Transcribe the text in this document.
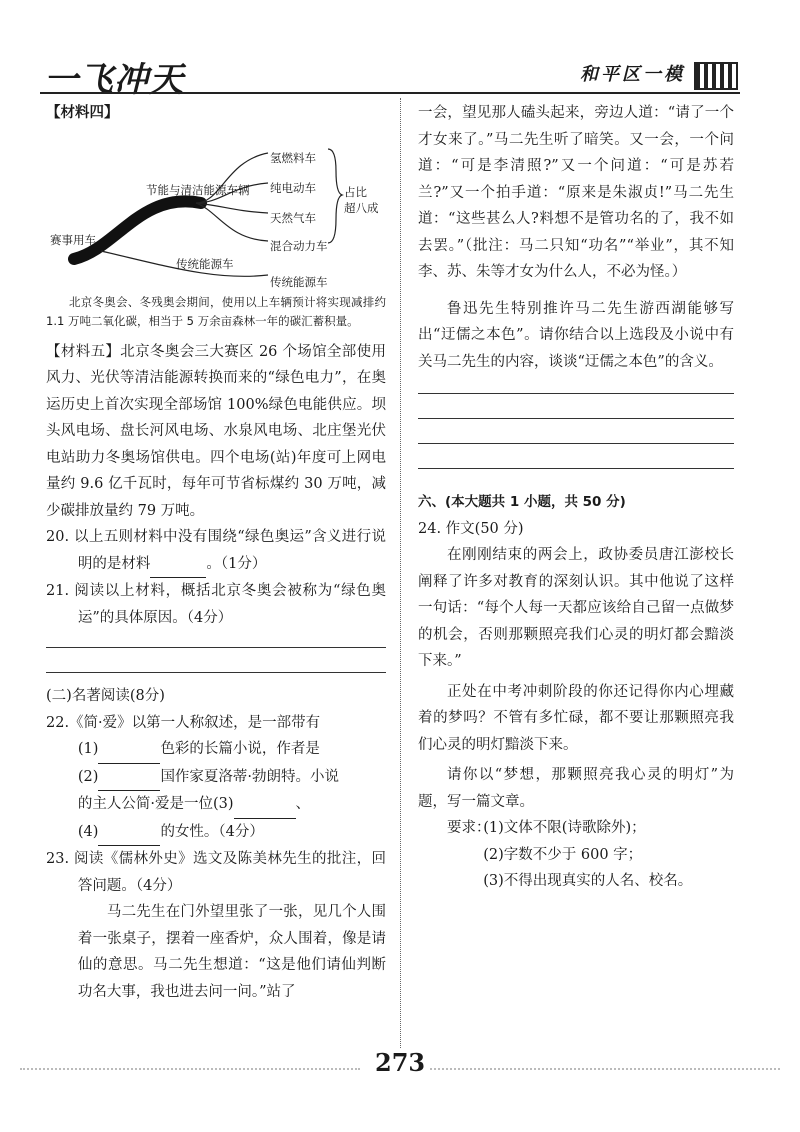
一飞冲天	和平区一模

【材料四】

节能与清洁能源车辆
赛事用车
氢燃料车
纯电动车
天然气车
混合动力车
占比
超八成
传统能源车
传统能源车

北京冬奥会、冬残奥会期间，使用以上车辆预计将实现减排约 1.1 万吨二氧化碳，相当于 5 万余亩森林一年的碳汇蓄积量。

【材料五】北京冬奥会三大赛区 26 个场馆全部使用风力、光伏等清洁能源转换而来的“绿色电力”，在奥运历史上首次实现全部场馆 100%绿色电能供应。坝头风电场、盘长河风电场、水泉风电场、北庄堡光伏电站助力冬奥场馆供电。四个电场(站)年度可上网电量约 9.6 亿千瓦时，每年可节省标煤约 30 万吨，减少碳排放量约 79 万吨。

20. 以上五则材料中没有围绕“绿色奥运”含义进行说明的是材料	。（1分）

21. 阅读以上材料，概括北京冬奥会被称为“绿色奥运”的具体原因。（4分）

(二)名著阅读(8分)

22.《简·爱》以第一人称叙述，是一部带有

(1)	色彩的长篇小说，作者是

(2)	国作家夏洛蒂·勃朗特。小说

的主人公简·爱是一位(3)	、

(4)	的女性。（4分）

23. 阅读《儒林外史》选文及陈美林先生的批注，回答问题。（4分）

马二先生在门外望里张了一张，见几个人围着一张桌子，摆着一座香炉，众人围着，像是请仙的意思。马二先生想道：“这是他们请仙判断功名大事，我也进去问一问。”站了

一会，望见那人磕头起来，旁边人道：“请了一个才女来了。”马二先生听了暗笑。又一会，一个问道：“可是李清照?”又一个问道：“可是苏若兰?”又一个拍手道：“原来是朱淑贞!”马二先生道：“这些甚么人?料想不是管功名的了，我不如去罢。”（批注：马二只知“功名”“举业”，其不知李、苏、朱等才女为什么人，不必为怪。）

鲁迅先生特别推许马二先生游西湖能够写出“迂儒之本色”。请你结合以上选段及小说中有关马二先生的内容，谈谈“迂儒之本色”的含义。

六、(本大题共 1 小题，共 50 分)

24. 作文(50 分)

在刚刚结束的两会上，政协委员唐江澎校长阐释了许多对教育的深刻认识。其中他说了这样一句话：“每个人每一天都应该给自己留一点做梦的机会，否则那颗照亮我们心灵的明灯都会黯淡下来。”

正处在中考冲刺阶段的你还记得你内心埋藏着的梦吗？不管有多忙碌，都不要让那颗照亮我们心灵的明灯黯淡下来。

请你以“梦想，那颗照亮我心灵的明灯”为题，写一篇文章。

要求：

(1)文体不限(诗歌除外)；

(2)字数不少于 600 字；

(3)不得出现真实的人名、校名。

273
